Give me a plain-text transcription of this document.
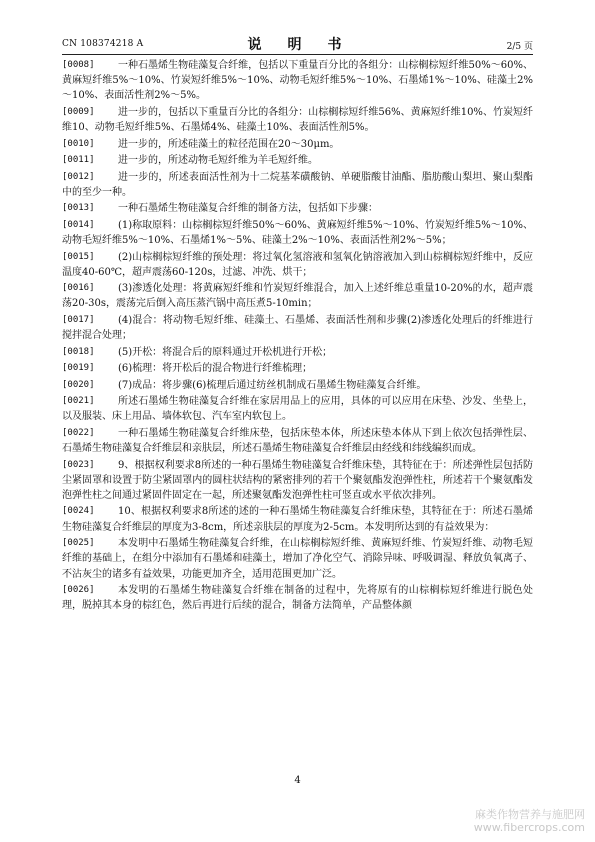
CN 108374218 A	说　明　书	2/5 页
[0008]	一种石墨烯生物硅藻复合纤维，包括以下重量百分比的各组分：山棕榈棕短纤维50%～60%、黄麻短纤维5%～10%、竹炭短纤维5%～10%、动物毛短纤维5%～10%、石墨烯1%～10%、硅藻土2%～10%、表面活性剂2%～5%。
[0009]	进一步的，包括以下重量百分比的各组分：山棕榈棕短纤维56%、黄麻短纤维10%、竹炭短纤维10、动物毛短纤维5%、石墨烯4%、硅藻土10%、表面活性剂5%。
[0010]	进一步的，所述硅藻土的粒径范围在20～30μm。
[0011]	进一步的，所述动物毛短纤维为羊毛短纤维。
[0012]	进一步的，所述表面活性剂为十二烷基苯磺酸钠、单硬脂酸甘油酯、脂肪酸山梨坦、聚山梨酯中的至少一种。
[0013]	一种石墨烯生物硅藻复合纤维的制备方法，包括如下步骤：
[0014]	(1)称取原料：山棕榈棕短纤维50%～60%、黄麻短纤维5%～10%、竹炭短纤维5%～10%、动物毛短纤维5%～10%、石墨烯1%～5%、硅藻土2%～10%、表面活性剂2%～5%；
[0015]	(2)山棕榈棕短纤维的预处理：将过氧化氢溶液和氢氧化钠溶液加入到山棕榈棕短纤维中，反应温度40-60℃，超声震荡60-120s，过滤、冲洗、烘干；
[0016]	(3)渗透化处理：将黄麻短纤维和竹炭短纤维混合，加入上述纤维总重量10-20%的水，超声震荡20-30s，震荡完后倒入高压蒸汽锅中高压煮5-10min；
[0017]	(4)混合：将动物毛短纤维、硅藻土、石墨烯、表面活性剂和步骤(2)渗透化处理后的纤维进行搅拌混合处理；
[0018]	(5)开松：将混合后的原料通过开松机进行开松；
[0019]	(6)梳理：将开松后的混合物进行纤维梳理；
[0020]	(7)成品：将步骤(6)梳理后通过纺丝机制成石墨烯生物硅藻复合纤维。
[0021]	所述石墨烯生物硅藻复合纤维在家居用品上的应用，具体的可以应用在床垫、沙发、坐垫上，以及服装、床上用品、墙体软包、汽车室内软包上。
[0022]	一种石墨烯生物硅藻复合纤维床垫，包括床垫本体，所述床垫本体从下到上依次包括弹性层、石墨烯生物硅藻复合纤维层和亲肤层，所述石墨烯生物硅藻复合纤维层由经线和纬线编织而成。
[0023]	9、根据权利要求8所述的一种石墨烯生物硅藻复合纤维床垫，其特征在于：所述弹性层包括防尘紧固罩和设置于防尘紧固罩内的圆柱状结构的紧密排列的若干个聚氨酯发泡弹性柱，所述若干个聚氨酯发泡弹性柱之间通过紧固件固定在一起，所述聚氨酯发泡弹性柱可竖直或水平依次排列。
[0024]	10、根据权利要求8所述的述的一种石墨烯生物硅藻复合纤维床垫，其特征在于：所述石墨烯生物硅藻复合纤维层的厚度为3-8cm，所述亲肤层的厚度为2-5cm。本发明所达到的有益效果为：
[0025]	本发明中石墨烯生物硅藻复合纤维，在山棕榈棕短纤维、黄麻短纤维、竹炭短纤维、动物毛短纤维的基础上，在组分中添加有石墨烯和硅藻土，增加了净化空气、消除异味、呼吸调湿、释放负氧离子、不沾灰尘的诸多有益效果，功能更加齐全，适用范围更加广泛。
[0026]	本发明的石墨烯生物硅藻复合纤维在制备的过程中，先将原有的山棕榈棕短纤维进行脱色处理，脱掉其本身的棕红色，然后再进行后续的混合，制备方法简单，产品整体颜
4
麻类作物营养与施肥网
www.fibercrops.com
